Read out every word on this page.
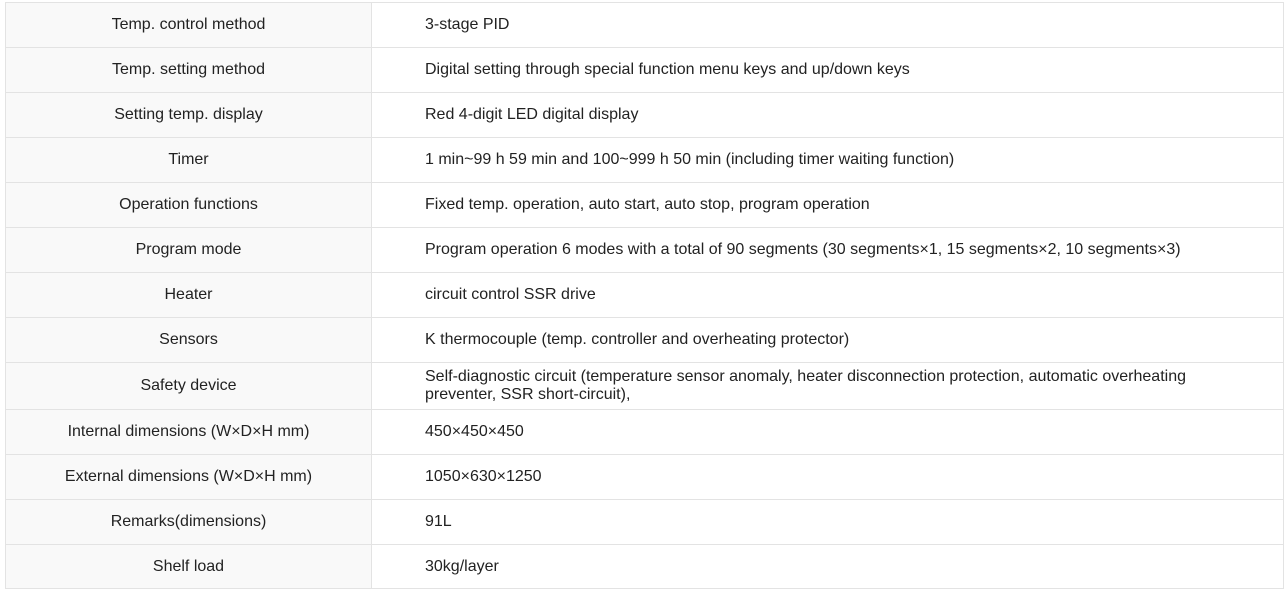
Temp. control method	3-stage PID

Temp. setting method	Digital setting through special function menu keys and up/down keys

Setting temp. display	Red 4-digit LED digital display

Timer	1 min~99 h 59 min and 100~999 h 50 min (including timer waiting function)

Operation functions	Fixed temp. operation, auto start, auto stop, program operation

Program mode	Program operation 6 modes with a total of 90 segments (30 segments×1, 15 segments×2, 10 segments×3)

Heater	circuit control SSR drive

Sensors	K thermocouple (temp. controller and overheating protector)

Safety device	Self-diagnostic circuit (temperature sensor anomaly, heater disconnection protection, automatic overheating preventer, SSR short-circuit),

Internal dimensions (W×D×H mm)	450×450×450

External dimensions (W×D×H mm)	1050×630×1250

Remarks(dimensions)	91L

Shelf load	30kg/layer
